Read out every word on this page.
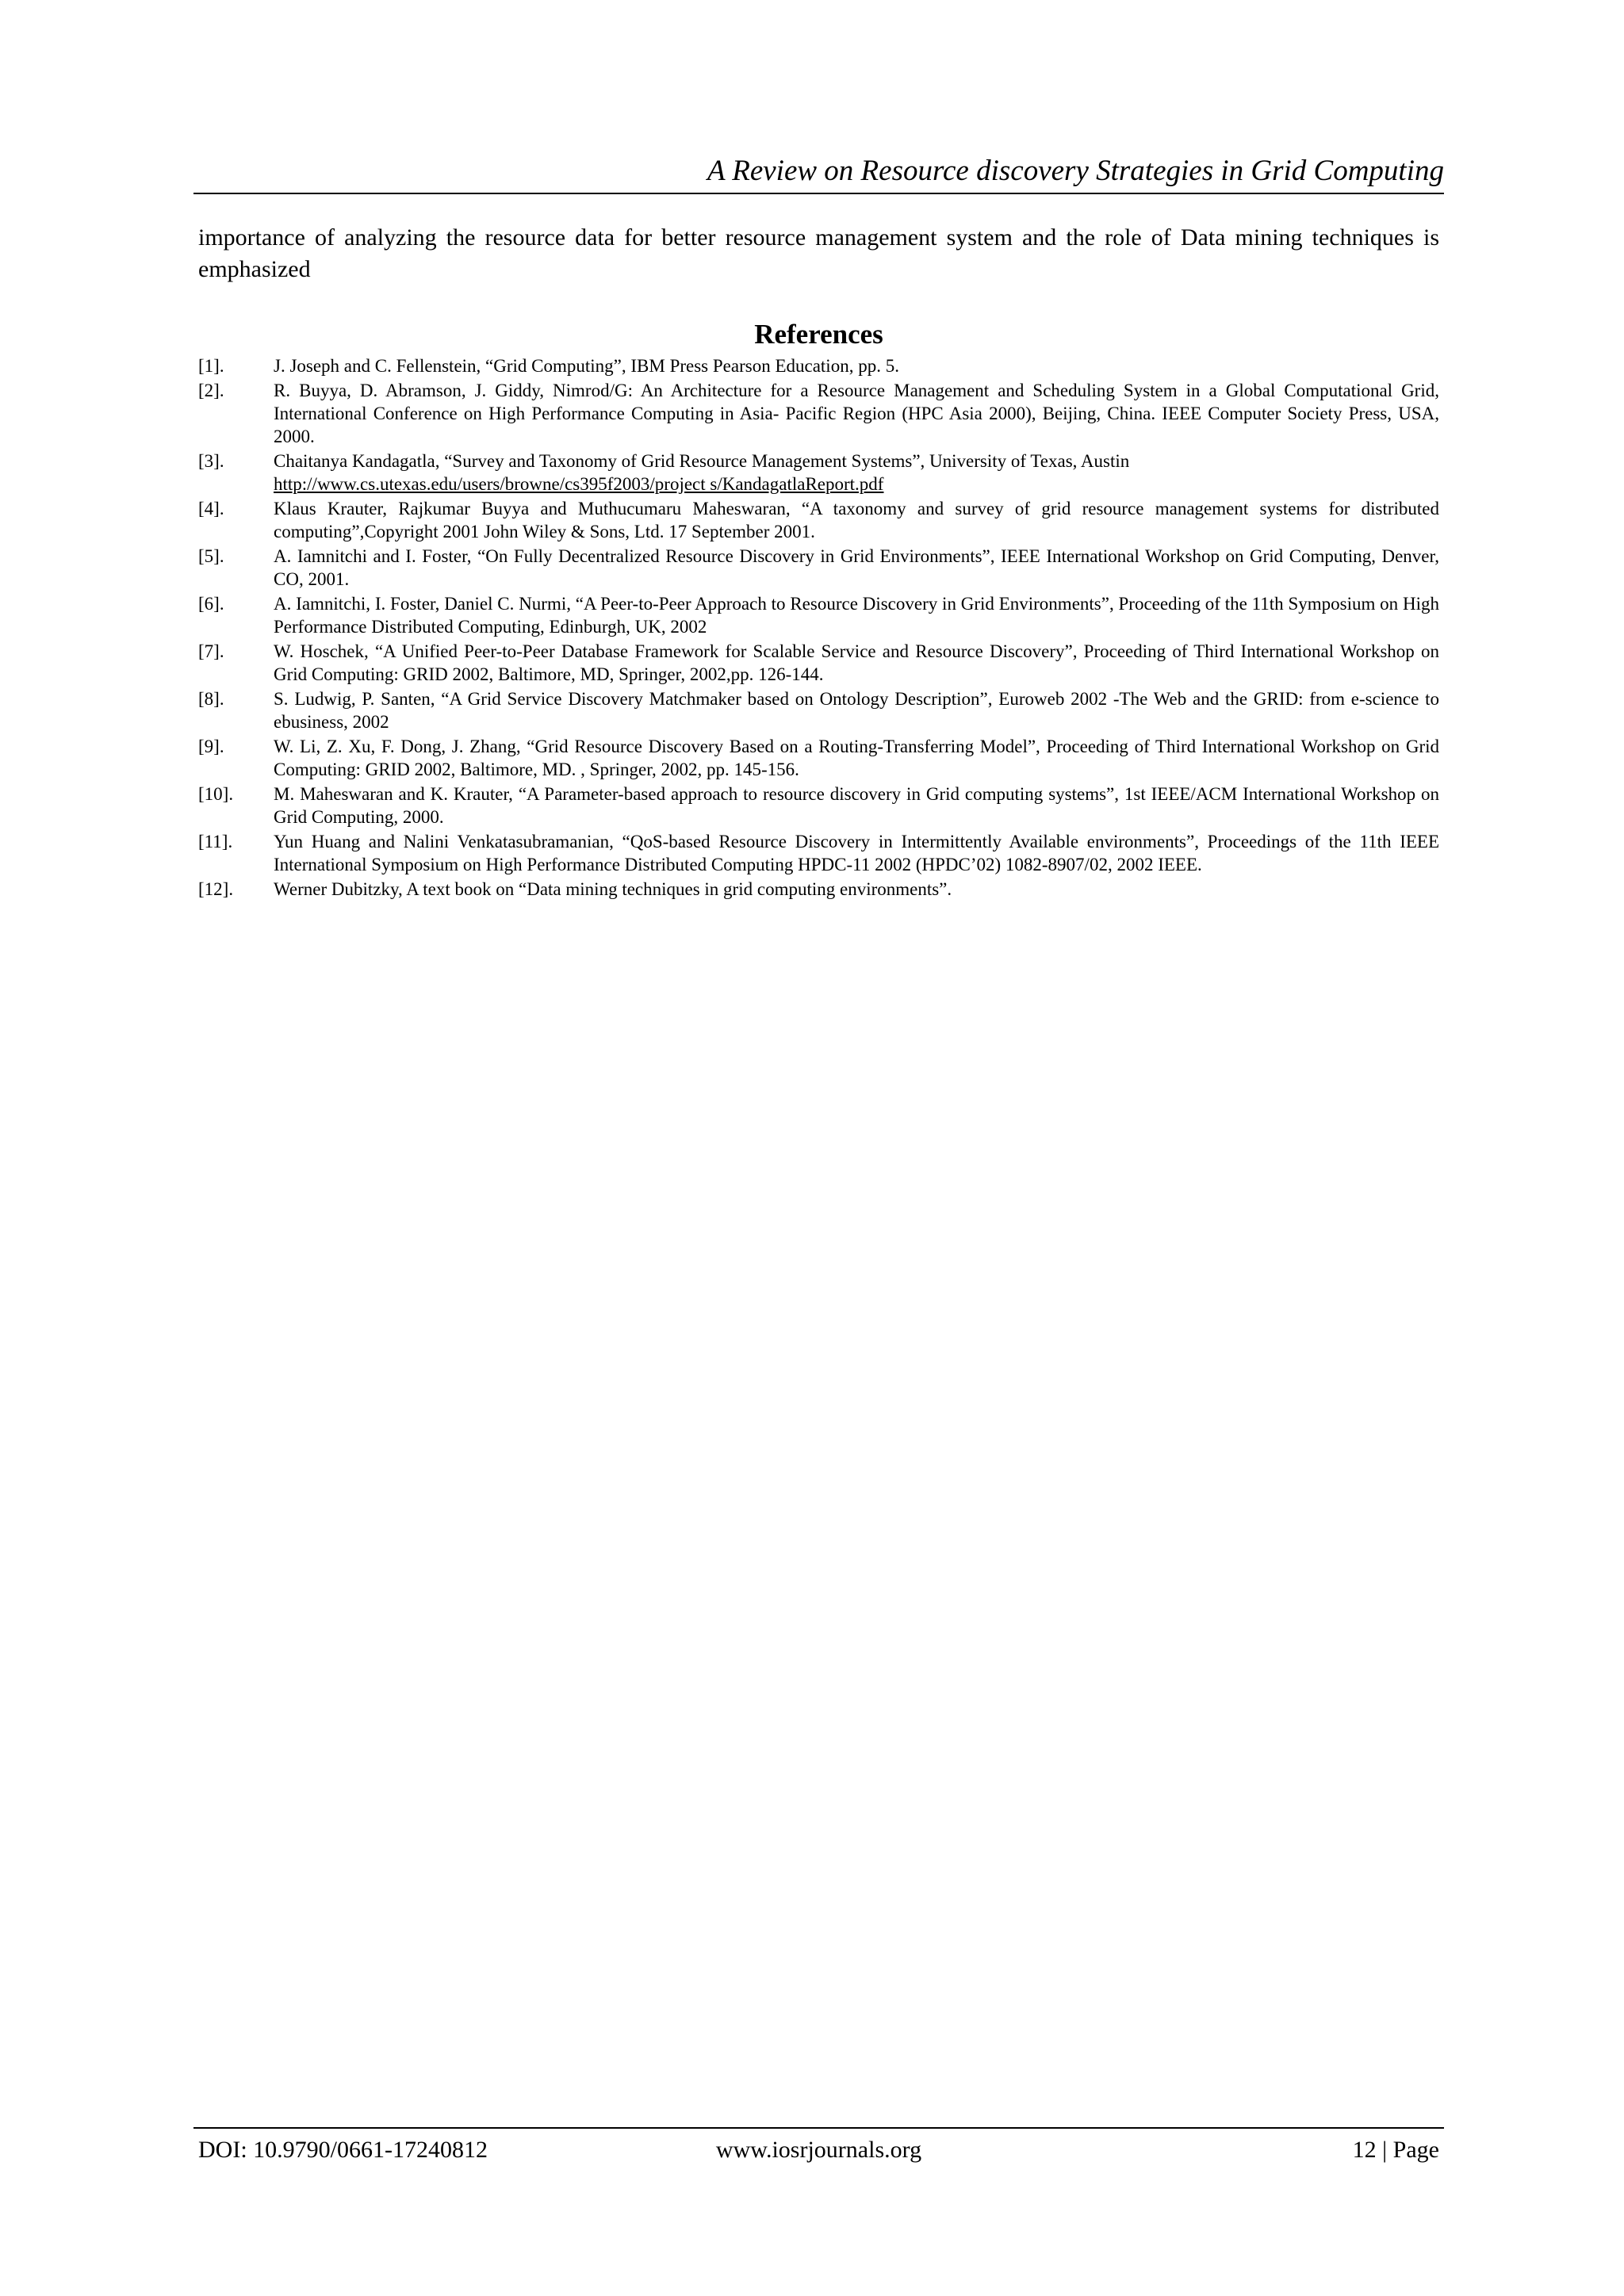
A Review on Resource discovery Strategies in Grid Computing

importance of analyzing the resource data for better resource management system and the role of Data mining techniques is emphasized

References
[1].	J. Joseph and C. Fellenstein, “Grid Computing”, IBM Press Pearson Education, pp. 5.
[2].	R. Buyya, D. Abramson, J. Giddy, Nimrod/G: An Architecture for a Resource Management and Scheduling System in a Global Computational Grid, International Conference on High Performance Computing in Asia- Pacific Region (HPC Asia 2000), Beijing, China. IEEE Computer Society Press, USA, 2000.
[3].	Chaitanya Kandagatla, “Survey and Taxonomy of Grid Resource Management Systems”, University of Texas, Austin
http://www.cs.utexas.edu/users/browne/cs395f2003/project s/KandagatlaReport.pdf
[4].	Klaus Krauter, Rajkumar Buyya and Muthucumaru Maheswaran, “A taxonomy and survey of grid resource management systems for distributed computing”,Copyright 2001 John Wiley & Sons, Ltd. 17 September 2001.
[5].	A. Iamnitchi and I. Foster, “On Fully Decentralized Resource Discovery in Grid Environments”, IEEE International Workshop on Grid Computing, Denver, CO, 2001.
[6].	A. Iamnitchi, I. Foster, Daniel C. Nurmi, “A Peer-to-Peer Approach to Resource Discovery in Grid Environments”, Proceeding of the 11th Symposium on High Performance Distributed Computing, Edinburgh, UK, 2002
[7].	W. Hoschek, “A Unified Peer-to-Peer Database Framework for Scalable Service and Resource Discovery”, Proceeding of Third International Workshop on Grid Computing: GRID 2002, Baltimore, MD, Springer, 2002,pp. 126-144.
[8].	S. Ludwig, P. Santen, “A Grid Service Discovery Matchmaker based on Ontology Description”, Euroweb 2002 -The Web and the GRID: from e-science to ebusiness, 2002
[9].	W. Li, Z. Xu, F. Dong, J. Zhang, “Grid Resource Discovery Based on a Routing-Transferring Model”, Proceeding of Third International Workshop on Grid Computing: GRID 2002, Baltimore, MD. , Springer, 2002, pp. 145-156.
[10].	M. Maheswaran and K. Krauter, “A Parameter-based approach to resource discovery in Grid computing systems”, 1st IEEE/ACM International Workshop on Grid Computing, 2000.
[11].	Yun Huang and Nalini Venkatasubramanian, “QoS-based Resource Discovery in Intermittently Available environments”, Proceedings of the 11th IEEE International Symposium on High Performance Distributed Computing HPDC-11 2002 (HPDC’02) 1082-8907/02, 2002 IEEE.
[12].	Werner Dubitzky, A text book on “Data mining techniques in grid computing environments”.
DOI: 10.9790/0661-17240812	www.iosrjournals.org	12 | Page
